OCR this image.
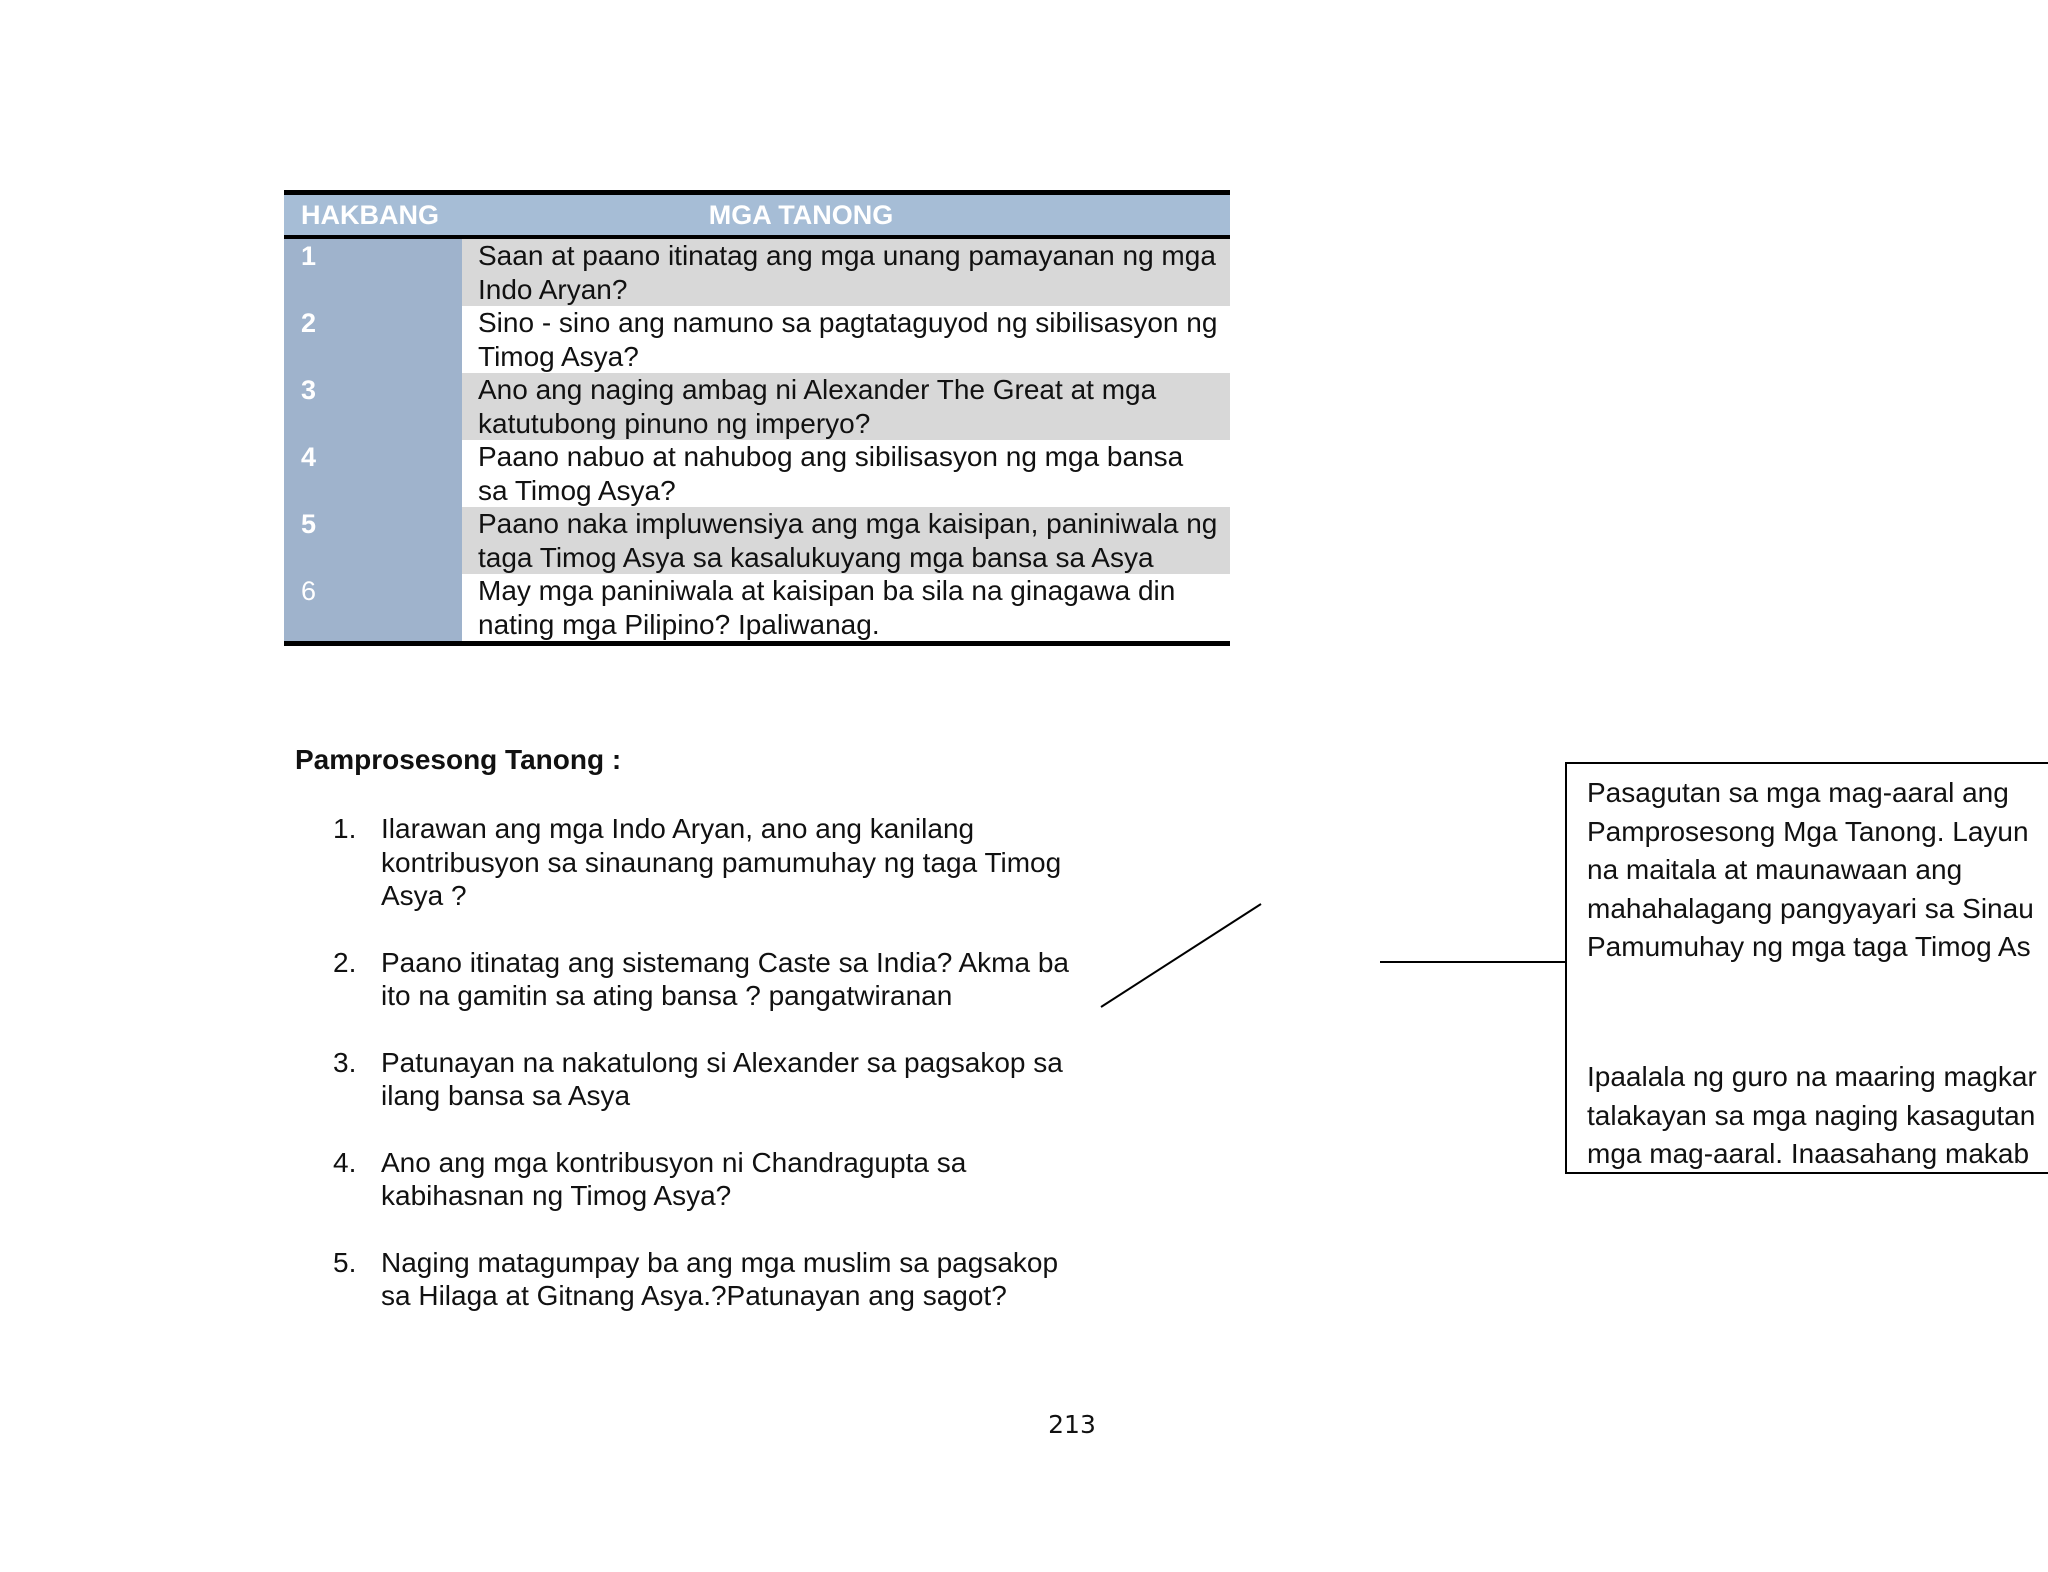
HAKBANG	MGA TANONG
1	Saan at paano itinatag ang mga unang pamayanan ng mga Indo Aryan?
2	Sino - sino ang namuno sa pagtataguyod ng sibilisasyon ng Timog Asya?
3	Ano ang naging ambag ni Alexander The Great at mga katutubong pinuno ng imperyo?
4	Paano nabuo at nahubog ang sibilisasyon ng mga bansa sa Timog Asya?
5	Paano naka impluwensiya ang mga kaisipan, paniniwala ng taga Timog Asya sa kasalukuyang mga bansa sa Asya
6	May mga paniniwala at kaisipan ba sila na ginagawa din nating mga Pilipino? Ipaliwanag.
Pamprosesong Tanong :
1. Ilarawan ang mga Indo Aryan, ano ang kanilang kontribusyon sa sinaunang pamumuhay ng taga Timog Asya ?
2. Paano itinatag ang sistemang Caste sa India? Akma ba ito na gamitin sa ating bansa ? pangatwiranan
3. Patunayan na nakatulong si Alexander sa pagsakop sa ilang bansa sa Asya
4. Ano ang mga kontribusyon ni Chandragupta sa kabihasnan ng Timog Asya?
5. Naging matagumpay ba ang mga muslim sa pagsakop sa Hilaga at Gitnang Asya.?Patunayan ang sagot?
Pasagutan sa mga mag-aaral ang
Pamprosesong Mga Tanong. Layun
na maitala at maunawaan ang
mahahalagang pangyayari sa Sinau
Pamumuhay ng mga taga Timog As
Ipaalala ng guro na maaring magkar
talakayan sa mga naging kasagutan
mga mag-aaral. Inaasahang makab
213
